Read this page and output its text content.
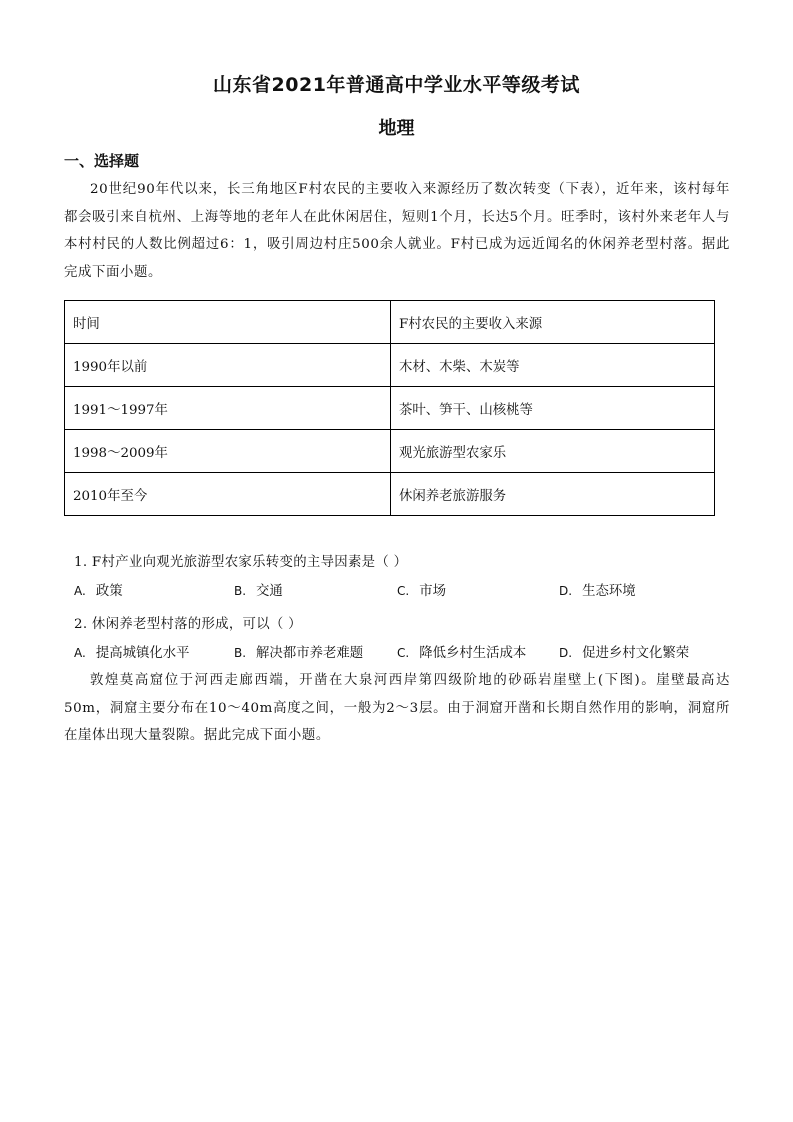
山东省2021年普通高中学业水平等级考试
地理
一、选择题

20世纪90年代以来，长三角地区F村农民的主要收入来源经历了数次转变（下表），近年来，该村每年都会吸引来自杭州、上海等地的老年人在此休闲居住，短则1个月，长达5个月。旺季时，该村外来老年人与本村村民的人数比例超过6：1，吸引周边村庄500余人就业。F村已成为远近闻名的休闲养老型村落。据此完成下面小题。

时间	F村农民的主要收入来源
1990年以前	木材、木柴、木炭等
1991～1997年	茶叶、笋干、山核桃等
1998～2009年	观光旅游型农家乐
2010年至今	休闲养老旅游服务
1. F村产业向观光旅游型农家乐转变的主导因素是（ ）
A. 政策	B. 交通	C. 市场	D. 生态环境
2. 休闲养老型村落的形成，可以（ ）
A. 提高城镇化水平	B. 解决都市养老难题	C. 降低乡村生活成本	D. 促进乡村文化繁荣

敦煌莫高窟位于河西走廊西端，开凿在大泉河西岸第四级阶地的砂砾岩崖壁上(下图)。崖壁最高达50m，洞窟主要分布在10～40m高度之间，一般为2～3层。由于洞窟开凿和长期自然作用的影响，洞窟所在崖体出现大量裂隙。据此完成下面小题。
